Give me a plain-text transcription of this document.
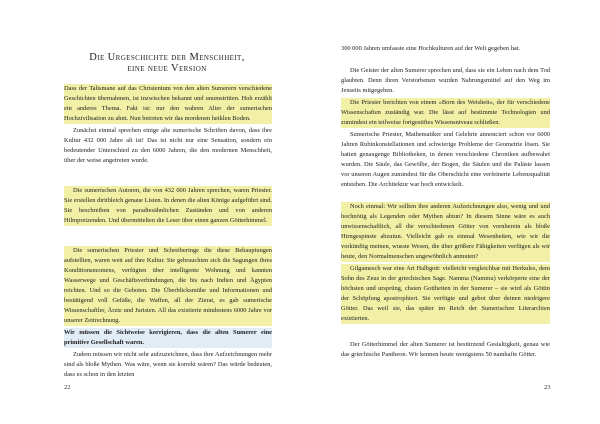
Die Urgeschichte der Menschheit,
eine neue Version

Dass der Talismane auf das Christentum von den alten Sumerern verschiedene Geschichten übernahmen, ist inzwischen bekannt und unumstritten. Hoh erzählt ein anderes Thema. Fakt ist: nur den wahren Alter der sumerischen Hochzivilisation zu ahnt. Nun betreten wir das mordenen heiklen Boden.

Zunächst einmal sprechen einige alte sumerische Schriften davon, dass ihre Kultur 432 000 Jahre alt ist! Das ist nicht nur eine Sensation, sondern ein bedeutender Unterschied zu den 6000 Jahren, die den modernen Menschheit, über der weise angetreten wurde.

Die sumerischen Autoren, die von 432 000 Jahren sprechen, waren Priester. Sie erstellen diritbleich genaue Listen. In denen die alten Könige aufgeführt sind. Sie beschreiben von paradiesähnlichen Zuständen und von anderen Hilmpreizenden. Und übermittelten die Leser über einen ganzen Götterhimmel.

Die sumerischen Priester und Schreiberinge die diese Behauptungen aufstellten, waren weit auf ihre Kultur. Sie gebrauchten sich die Sagungen ihres Konditionsmomens, verfügten über intelligente Wohnung und kannten Wasserwege und Geschäftsverbindungen, die bis nach Indien und Ägypten reichten. Und so die Geboten. Die Überblicksmühe und Informationen und bestätigend voll Gefäße, die Waffen, all der Zierat, es gab sumerische Wissenschaftler, Ärzte und Juristen. All das existierte mindestens 6000 Jahre vor unserer Zeitrechnung.

Wir müssen die Sichtweise korrigieren, dass die alten Sumerer eine primitive Gesellschaft waren.

Zudem müssen wir nicht sehr aufzuzeichnen, dass ihre Aufzeichnungen mehr sind als bloße Mythen. Was wäre, wenn sie korrekt wären? Das würde bedeuten, dass es schon in den letzten

22

300 000 Jahren umfasste eine Hochkulturen auf der Welt gegeben hat.

Die Geister der alten Sumerer sprechen und, dass sie ein Leben nach dem Tod glaubten. Denn ihren Verstorbenen wurden Nahrungsmittel auf den Weg im Jenseits mitgegeben.

Die Priester berichten von einem »Born des Weisheit«, der für verschiedene Wissenschaften zuständig war. Die lässt auf bestimmte Technologien und zumindest ein teilweise fortgestiftes Wissensniveau schließen.

Sumerische Priester, Mathematiker und Gelehrte annonciert schon vor 6000 Jahren Rubinkonstellationen und schwierige Probleme der Geometrie lösen. Sie hatten genaugenge Bibliotheken, in denen verschiedene Chroniken aufbewahrt wurden. Die Säule, das Gewölbe, der Bogen, die Säulen und die Paläste lassen vor unseren Augen zumindest für die Oberschicht eine verfeinerte Lebensqualität entstehen. Die Architektur war hoch entwickelt.

Noch einmal: Wir sollten ihre anderen Aufzeichnungen also, wenig und und hochnötig als Legenden oder Mythen abtun? In diesem Sinne wäre es auch unwissenschaftlich, all die verschiedenen Götter von vornherein als bloße Hirngespinste abzutun. Vielleicht gab es einmal Wesenheiten, wie wir die vorkünftig meinen, wusste Wesen, die über größere Fähigkeiten verfügen als wir heute, den Normalmenschen ungewöhnlich anmuten?

Gilgamesch war eine Art Halbgott: vielleicht vergleichbar mit Herkules, dem Sohn des Zeus in der griechischen Sage. Namma (Nammu) verkörperte eine der höchsten und ursprüng, chsten Gottheiten in der Sumerer – sie wird als Göttin der Schöpfung apostrophiert. Sie verfügte und gebot über deinen niedrigere Götter. Das weil sie, das später im Reich der Sumerischen Literarchien existierten.

Der Götterhimmel der alten Sumerer ist bestürzend Gestaltigkeit, genau wie das griechische Pantheon. Wir kennen heute wenigstens 50 namhafte Götter.

23
